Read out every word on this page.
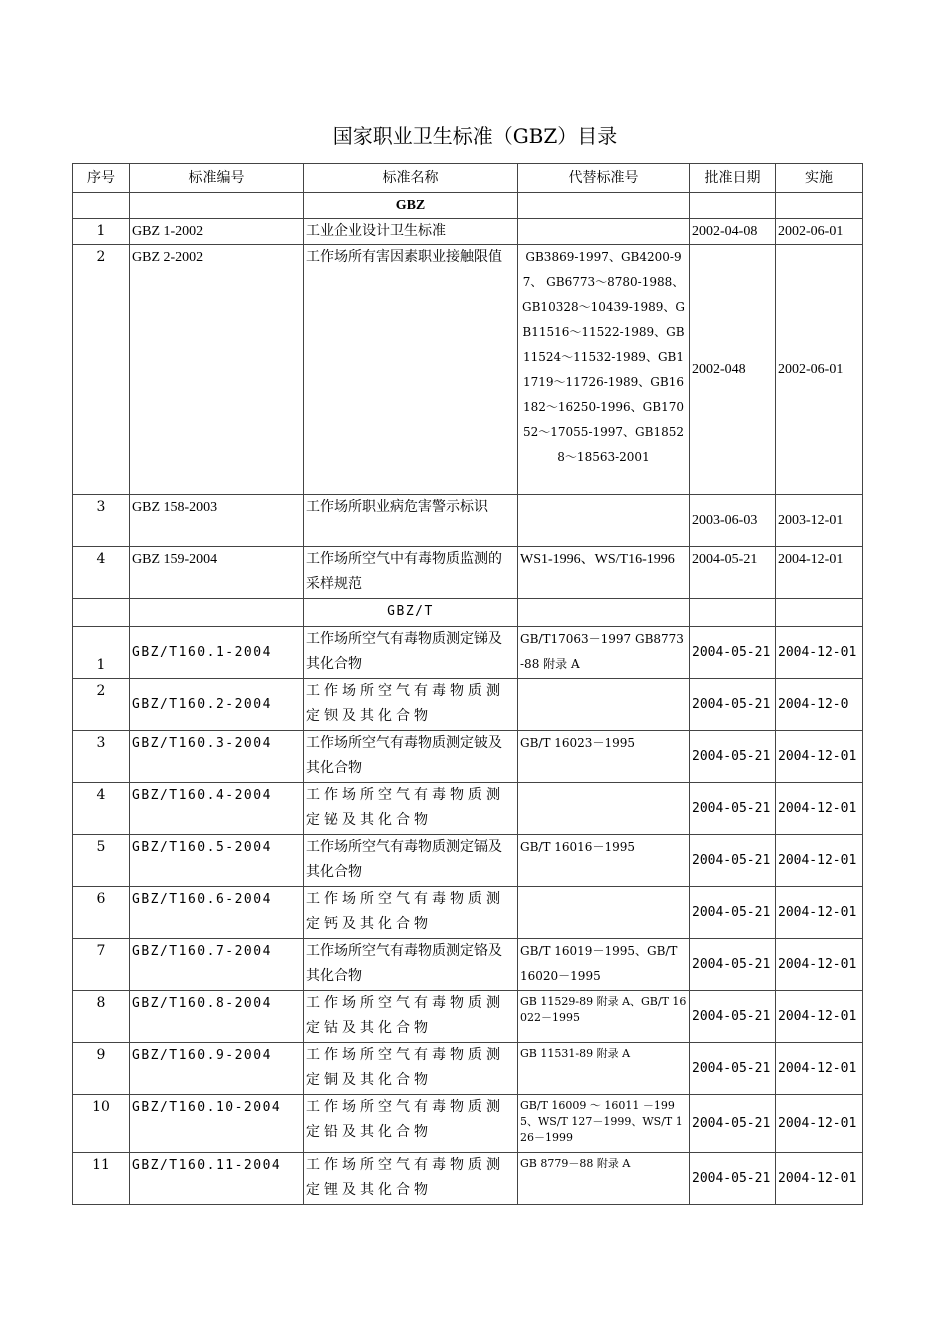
国家职业卫生标准（GBZ）目录
序号	标准编号	标准名称	代替标准号	批准日期	实施
		GBZ			
1	GBZ 1-2002	工业企业设计卫生标准		2002-04-08	2002-06-01
2	GBZ 2-2002	工作场所有害因素职业接触限值	GB3869-1997、GB4200-97、 GB6773～8780-1988、GB10328～10439-1989、GB11516～11522-1989、GB11524～11532-1989、GB11719～11726-1989、GB16182～16250-1996、GB17052～17055-1997、GB18528～18563-2001	2002-048	2002-06-01
3	GBZ 158-2003	工作场所职业病危害警示标识		2003-06-03	2003-12-01
4	GBZ 159-2004	工作场所空气中有毒物质监测的采样规范	WS1-1996、WS/T16-1996	2004-05-21	2004-12-01
		GBZ/T			
1	GBZ/T160.1-2004	工作场所空气有毒物质测定锑及其化合物	GB/T17063－1997 GB8773-88 附录 A	2004-05-21	2004-12-01
2	GBZ/T160.2-2004	工作场所空气有毒物质测定钡及其化合物		2004-05-21	2004-12-0
3	GBZ/T160.3-2004	工作场所空气有毒物质测定铍及其化合物	GB/T 16023－1995	2004-05-21	2004-12-01
4	GBZ/T160.4-2004	工作场所空气有毒物质测定铋及其化合物		2004-05-21	2004-12-01
5	GBZ/T160.5-2004	工作场所空气有毒物质测定镉及其化合物	GB/T 16016－1995	2004-05-21	2004-12-01
6	GBZ/T160.6-2004	工作场所空气有毒物质测定钙及其化合物		2004-05-21	2004-12-01
7	GBZ/T160.7-2004	工作场所空气有毒物质测定铬及其化合物	GB/T 16019－1995、GB/T 16020－1995	2004-05-21	2004-12-01
8	GBZ/T160.8-2004	工作场所空气有毒物质测定钴及其化合物	GB 11529-89 附录 A、GB/T 16022－1995	2004-05-21	2004-12-01
9	GBZ/T160.9-2004	工作场所空气有毒物质测定铜及其化合物	GB 11531-89 附录 A	2004-05-21	2004-12-01
10	GBZ/T160.10-2004	工作场所空气有毒物质测定铅及其化合物	GB/T 16009 ～ 16011 －1995、WS/T 127－1999、WS/T 126－1999	2004-05-21	2004-12-01
11	GBZ/T160.11-2004	工作场所空气有毒物质测定锂及其化合物	GB 8779－88 附录 A	2004-05-21	2004-12-01
